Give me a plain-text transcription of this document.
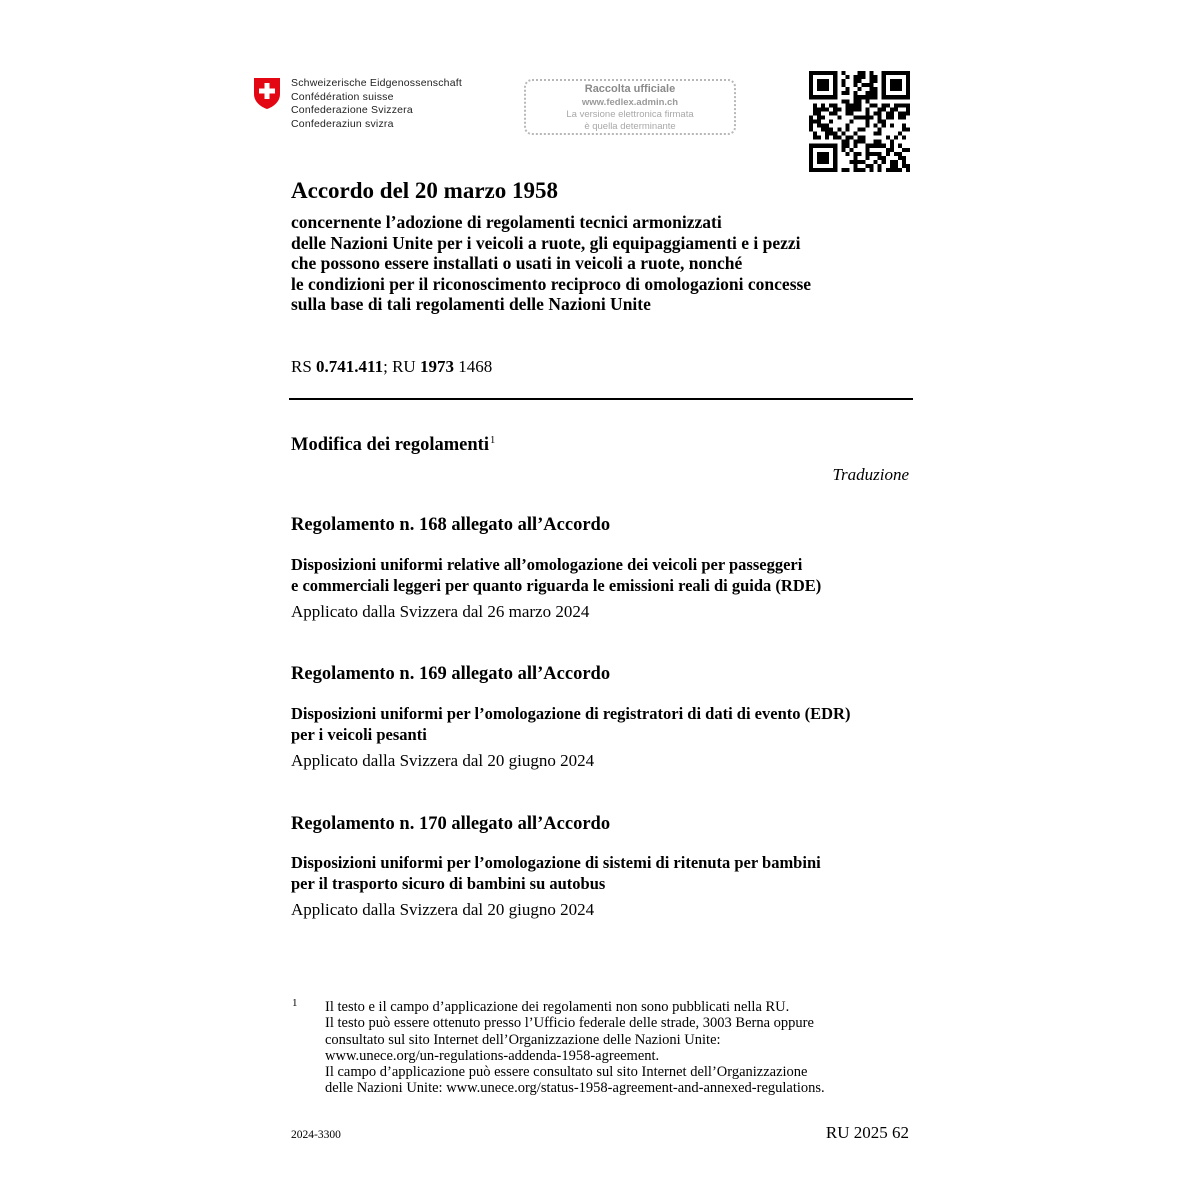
Schweizerische Eidgenossenschaft
Confédération suisse
Confederazione Svizzera
Confederaziun svizra
Raccolta ufficiale
www.fedlex.admin.ch
La versione elettronica firmata
è quella determinante
Accordo del 20 marzo 1958
concernente l’adozione di regolamenti tecnici armonizzati
delle Nazioni Unite per i veicoli a ruote, gli equipaggiamenti e i pezzi
che possono essere installati o usati in veicoli a ruote, nonché
le condizioni per il riconoscimento reciproco di omologazioni concesse
sulla base di tali regolamenti delle Nazioni Unite
RS 0.741.411; RU 1973 1468
Modifica dei regolamenti$^1$
Traduzione
Regolamento n. 168 allegato all’Accordo
Disposizioni uniformi relative all’omologazione dei veicoli per passeggeri
e commerciali leggeri per quanto riguarda le emissioni reali di guida (RDE)
Applicato dalla Svizzera dal 26 marzo 2024
Regolamento n. 169 allegato all’Accordo
Disposizioni uniformi per l’omologazione di registratori di dati di evento (EDR)
per i veicoli pesanti
Applicato dalla Svizzera dal 20 giugno 2024
Regolamento n. 170 allegato all’Accordo
Disposizioni uniformi per l’omologazione di sistemi di ritenuta per bambini
per il trasporto sicuro di bambini su autobus
Applicato dalla Svizzera dal 20 giugno 2024
1 Il testo e il campo d’applicazione dei regolamenti non sono pubblicati nella RU.
Il testo può essere ottenuto presso l’Ufficio federale delle strade, 3003 Berna oppure
consultato sul sito Internet dell’Organizzazione delle Nazioni Unite:
www.unece.org/un-regulations-addenda-1958-agreement.
Il campo d’applicazione può essere consultato sul sito Internet dell’Organizzazione
delle Nazioni Unite: www.unece.org/status-1958-agreement-and-annexed-regulations.
2024-3300	RU 2025 62
